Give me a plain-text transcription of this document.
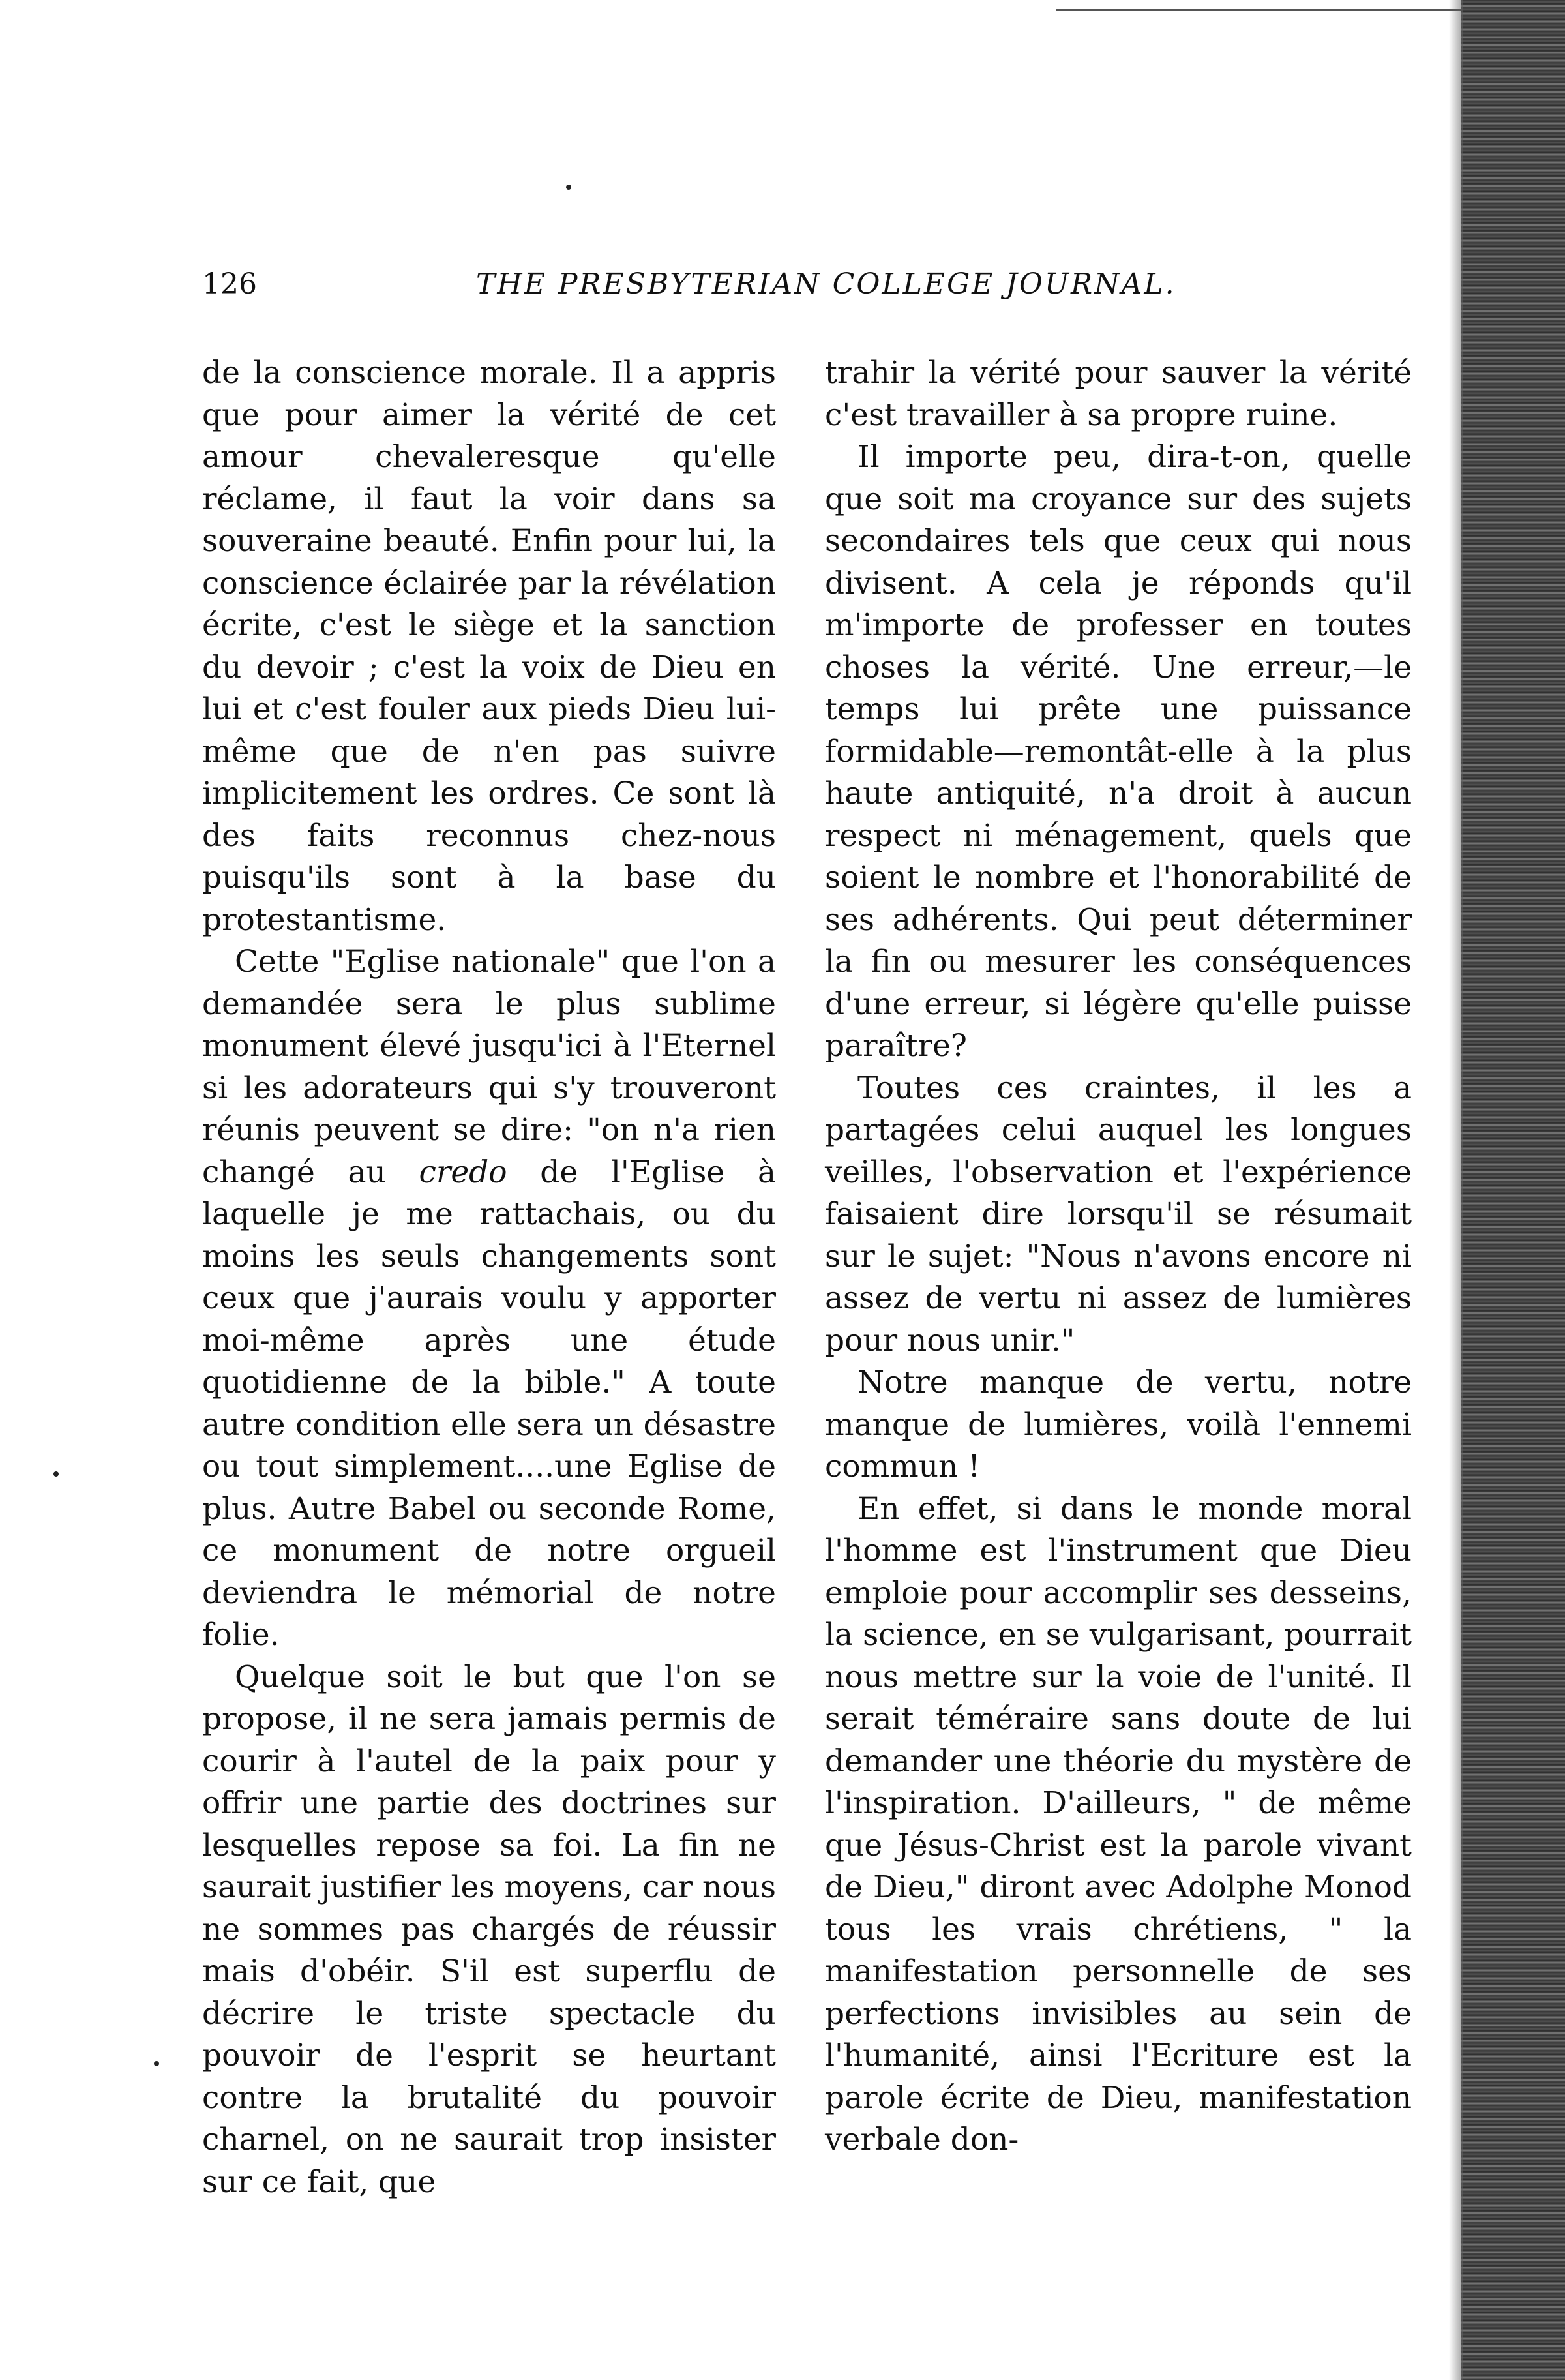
126	THE PRESBYTERIAN COLLEGE JOURNAL.

de la conscience morale. Il a appris que pour aimer la vérité de cet amour chevaleresque qu'elle réclame, il faut la voir dans sa souveraine beauté. Enfin pour lui, la conscience éclairée par la révélation écrite, c'est le siège et la sanction du devoir ; c'est la voix de Dieu en lui et c'est fouler aux pieds Dieu lui-même que de n'en pas suivre implicitement les ordres. Ce sont là des faits reconnus chez-nous puisqu'ils sont à la base du protestantisme.

Cette "Eglise nationale" que l'on a demandée sera le plus sublime monument élevé jusqu'ici à l'Eternel si les adorateurs qui s'y trouveront réunis peuvent se dire: "on n'a rien changé au credo de l'Eglise à laquelle je me rattachais, ou du moins les seuls changements sont ceux que j'aurais voulu y apporter moi-même après une étude quotidienne de la bible." A toute autre condition elle sera un désastre ou tout simplement....une Eglise de plus. Autre Babel ou seconde Rome, ce monument de notre orgueil deviendra le mémorial de notre folie.

Quelque soit le but que l'on se propose, il ne sera jamais permis de courir à l'autel de la paix pour y offrir une partie des doctrines sur lesquelles repose sa foi. La fin ne saurait justifier les moyens, car nous ne sommes pas chargés de réussir mais d'obéir. S'il est superflu de décrire le triste spectacle du pouvoir de l'esprit se heurtant contre la brutalité du pouvoir charnel, on ne saurait trop insister sur ce fait, que

trahir la vérité pour sauver la vérité c'est travailler à sa propre ruine.

Il importe peu, dira-t-on, quelle que soit ma croyance sur des sujets secondaires tels que ceux qui nous divisent. A cela je réponds qu'il m'importe de professer en toutes choses la vérité. Une erreur,—le temps lui prête une puissance formidable—remontât-elle à la plus haute antiquité, n'a droit à aucun respect ni ménagement, quels que soient le nombre et l'honorabilité de ses adhérents. Qui peut déterminer la fin ou mesurer les conséquences d'une erreur, si légère qu'elle puisse paraître?

Toutes ces craintes, il les a partagées celui auquel les longues veilles, l'observation et l'expérience faisaient dire lorsqu'il se résumait sur le sujet: "Nous n'avons encore ni assez de vertu ni assez de lumières pour nous unir."

Notre manque de vertu, notre manque de lumières, voilà l'ennemi commun !

En effet, si dans le monde moral l'homme est l'instrument que Dieu emploie pour accomplir ses desseins, la science, en se vulgarisant, pourrait nous mettre sur la voie de l'unité. Il serait téméraire sans doute de lui demander une théorie du mystère de l'inspiration. D'ailleurs, " de même que Jésus-Christ est la parole vivant de Dieu," diront avec Adolphe Monod tous les vrais chrétiens, " la manifestation personnelle de ses perfections invisibles au sein de l'humanité, ainsi l'Ecriture est la parole écrite de Dieu, manifestation verbale don-
